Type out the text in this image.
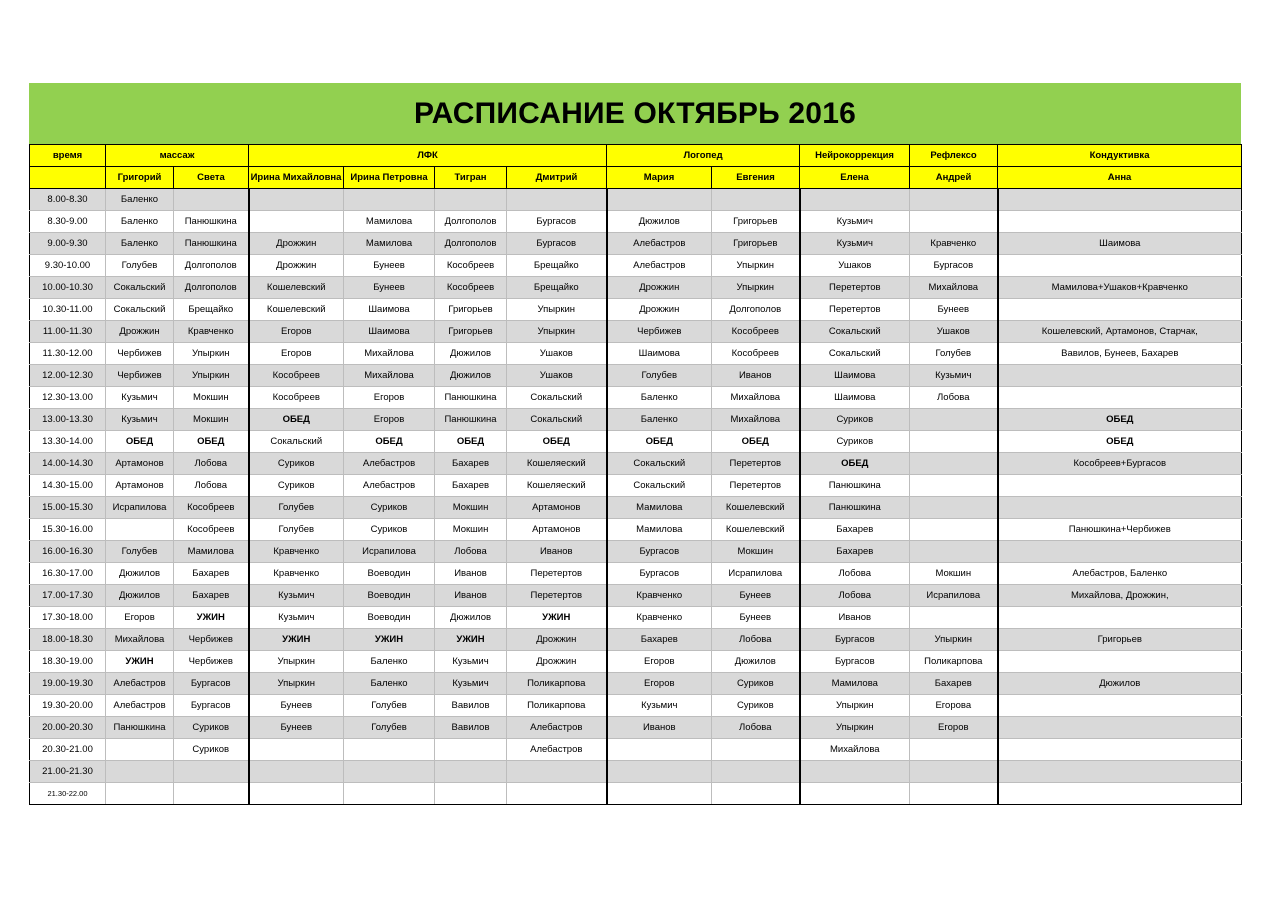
РАСПИСАНИЕ ОКТЯБРЬ 2016
время	массаж		ЛФК				Логопед		Нейрокоррекция	Рефлексо	Кондуктивка
	Григорий	Света	Ирина Михайловна	Ирина Петровна	Тигран	Дмитрий	Мария	Евгения	Елена	Андрей	Анна
8.00-8.30	Баленко										
8.30-9.00	Баленко	Панюшкина		Мамилова	Долгополов	Бургасов	Дюжилов	Григорьев	Кузьмич		
9.00-9.30	Баленко	Панюшкина	Дрожжин	Мамилова	Долгополов	Бургасов	Алебастров	Григорьев	Кузьмич	Кравченко	Шаимова
9.30-10.00	Голубев	Долгополов	Дрожжин	Бунеев	Кособреев	Брещайко	Алебастров	Упыркин	Ушаков	Бургасов	
10.00-10.30	Сокальский	Долгополов	Кошелевский	Бунеев	Кособреев	Брещайко	Дрожжин	Упыркин	Перетертов	Михайлова	Мамилова+Ушаков+Кравченко
10.30-11.00	Сокальский	Брещайко	Кошелевский	Шаимова	Григорьев	Упыркин	Дрожжин	Долгополов	Перетертов	Бунеев	
11.00-11.30	Дрожжин	Кравченко	Егоров	Шаимова	Григорьев	Упыркин	Чербижев	Кособреев	Сокальский	Ушаков	Кошелевский, Артамонов, Старчак,
11.30-12.00	Чербижев	Упыркин	Егоров	Михайлова	Дюжилов	Ушаков	Шаимова	Кособреев	Сокальский	Голубев	Вавилов, Бунеев, Бахарев
12.00-12.30	Чербижев	Упыркин	Кособреев	Михайлова	Дюжилов	Ушаков	Голубев	Иванов	Шаимова	Кузьмич	
12.30-13.00	Кузьмич	Мокшин	Кособреев	Егоров	Панюшкина	Сокальский	Баленко	Михайлова	Шаимова	Лобова	
13.00-13.30	Кузьмич	Мокшин	ОБЕД	Егоров	Панюшкина	Сокальский	Баленко	Михайлова	Суриков		ОБЕД
13.30-14.00	ОБЕД	ОБЕД	Сокальский	ОБЕД	ОБЕД	ОБЕД	ОБЕД	ОБЕД	Суриков		ОБЕД
14.00-14.30	Артамонов	Лобова	Суриков	Алебастров	Бахарев	Кошеляеский	Сокальский	Перетертов	ОБЕД		Кособреев+Бургасов
14.30-15.00	Артамонов	Лобова	Суриков	Алебастров	Бахарев	Кошеляеский	Сокальский	Перетертов	Панюшкина		
15.00-15.30	Исрапилова	Кособреев	Голубев	Суриков	Мокшин	Артамонов	Мамилова	Кошелевский	Панюшкина		
15.30-16.00		Кособреев	Голубев	Суриков	Мокшин	Артамонов	Мамилова	Кошелевский	Бахарев		Панюшкина+Чербижев
16.00-16.30	Голубев	Мамилова	Кравченко	Исрапилова	Лобова	Иванов	Бургасов	Мокшин	Бахарев		
16.30-17.00	Дюжилов	Бахарев	Кравченко	Воеводин	Иванов	Перетертов	Бургасов	Исрапилова	Лобова	Мокшин	Алебастров, Баленко
17.00-17.30	Дюжилов	Бахарев	Кузьмич	Воеводин	Иванов	Перетертов	Кравченко	Бунеев	Лобова	Исрапилова	Михайлова, Дрожжин,
17.30-18.00	Егоров	УЖИН	Кузьмич	Воеводин	Дюжилов	УЖИН	Кравченко	Бунеев	Иванов		
18.00-18.30	Михайлова	Чербижев	УЖИН	УЖИН	УЖИН	Дрожжин	Бахарев	Лобова	Бургасов	Упыркин	Григорьев
18.30-19.00	УЖИН	Чербижев	Упыркин	Баленко	Кузьмич	Дрожжин	Егоров	Дюжилов	Бургасов	Поликарпова	
19.00-19.30	Алебастров	Бургасов	Упыркин	Баленко	Кузьмич	Поликарпова	Егоров	Суриков	Мамилова	Бахарев	Дюжилов
19.30-20.00	Алебастров	Бургасов	Бунеев	Голубев	Вавилов	Поликарпова	Кузьмич	Суриков	Упыркин	Егорова	
20.00-20.30	Панюшкина	Суриков	Бунеев	Голубев	Вавилов	Алебастров	Иванов	Лобова	Упыркин	Егоров	
20.30-21.00		Суриков				Алебастров			Михайлова		
21.00-21.30											
21.30-22.00											
